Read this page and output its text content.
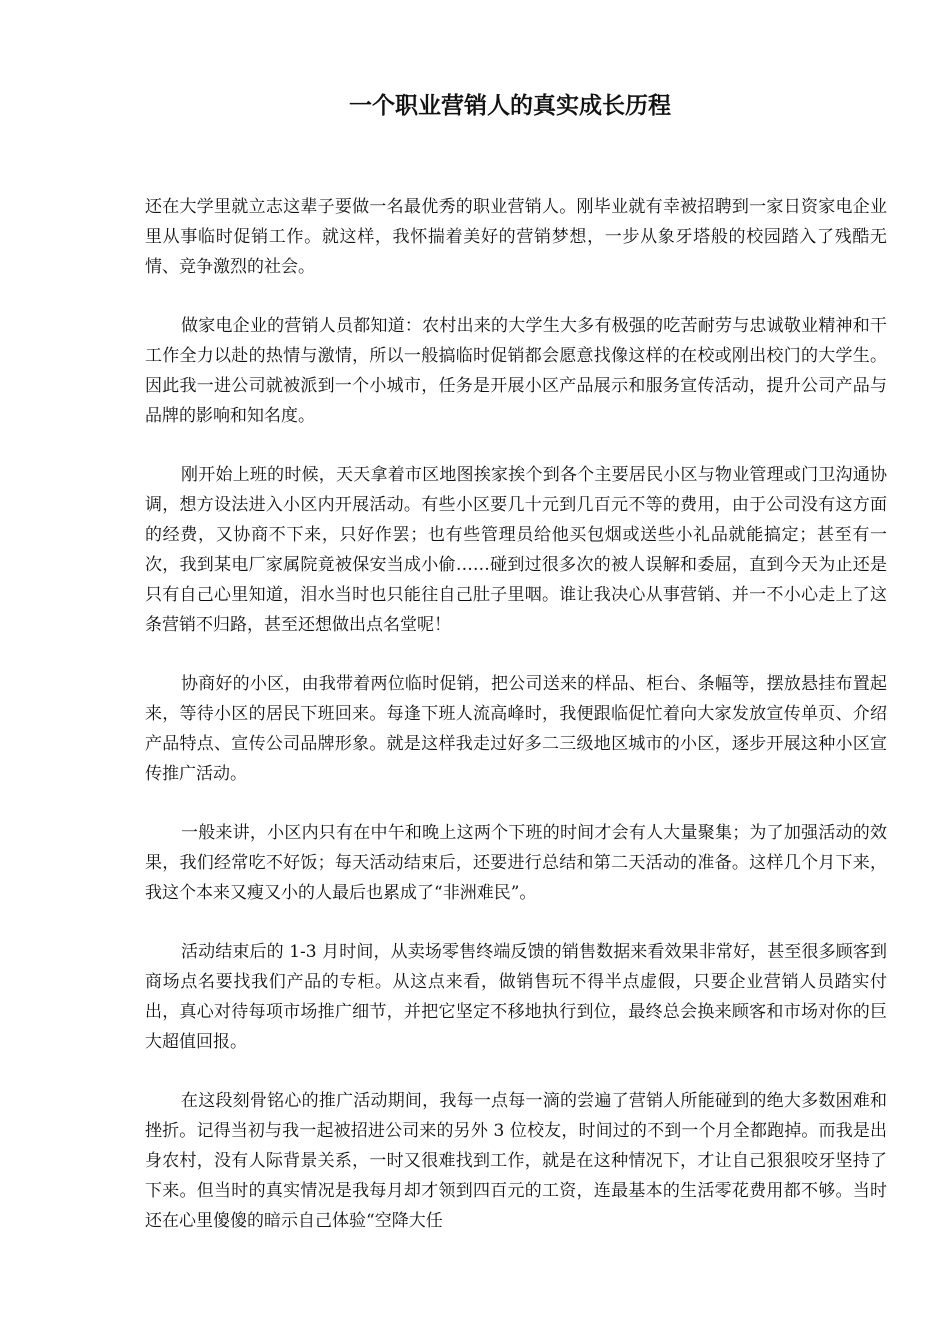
一个职业营销人的真实成长历程

还在大学里就立志这辈子要做一名最优秀的职业营销人。刚毕业就有幸被招聘到一家日资家电企业里从事临时促销工作。就这样，我怀揣着美好的营销梦想，一步从象牙塔般的校园踏入了残酷无情、竞争激烈的社会。

做家电企业的营销人员都知道：农村出来的大学生大多有极强的吃苦耐劳与忠诚敬业精神和干工作全力以赴的热情与激情，所以一般搞临时促销都会愿意找像这样的在校或刚出校门的大学生。因此我一进公司就被派到一个小城市，任务是开展小区产品展示和服务宣传活动，提升公司产品与品牌的影响和知名度。

刚开始上班的时候，天天拿着市区地图挨家挨个到各个主要居民小区与物业管理或门卫沟通协调，想方设法进入小区内开展活动。有些小区要几十元到几百元不等的费用，由于公司没有这方面的经费，又协商不下来，只好作罢；也有些管理员给他买包烟或送些小礼品就能搞定；甚至有一次，我到某电厂家属院竟被保安当成小偷……碰到过很多次的被人误解和委屈，直到今天为止还是只有自己心里知道，泪水当时也只能往自己肚子里咽。谁让我决心从事营销、并一不小心走上了这条营销不归路，甚至还想做出点名堂呢！

协商好的小区，由我带着两位临时促销，把公司送来的样品、柜台、条幅等，摆放悬挂布置起来，等待小区的居民下班回来。每逢下班人流高峰时，我便跟临促忙着向大家发放宣传单页、介绍产品特点、宣传公司品牌形象。就是这样我走过好多二三级地区城市的小区，逐步开展这种小区宣传推广活动。

一般来讲，小区内只有在中午和晚上这两个下班的时间才会有人大量聚集；为了加强活动的效果，我们经常吃不好饭；每天活动结束后，还要进行总结和第二天活动的准备。这样几个月下来，我这个本来又瘦又小的人最后也累成了“非洲难民”。

活动结束后的 1-3 月时间，从卖场零售终端反馈的销售数据来看效果非常好，甚至很多顾客到商场点名要找我们产品的专柜。从这点来看，做销售玩不得半点虚假，只要企业营销人员踏实付出，真心对待每项市场推广细节，并把它坚定不移地执行到位，最终总会换来顾客和市场对你的巨大超值回报。

在这段刻骨铭心的推广活动期间，我每一点每一滴的尝遍了营销人所能碰到的绝大多数困难和挫折。记得当初与我一起被招进公司来的另外 3 位校友，时间过的不到一个月全都跑掉。而我是出身农村，没有人际背景关系，一时又很难找到工作，就是在这种情况下，才让自己狠狠咬牙坚持了下来。但当时的真实情况是我每月却才领到四百元的工资，连最基本的生活零花费用都不够。当时还在心里傻傻的暗示自己体验“空降大任
